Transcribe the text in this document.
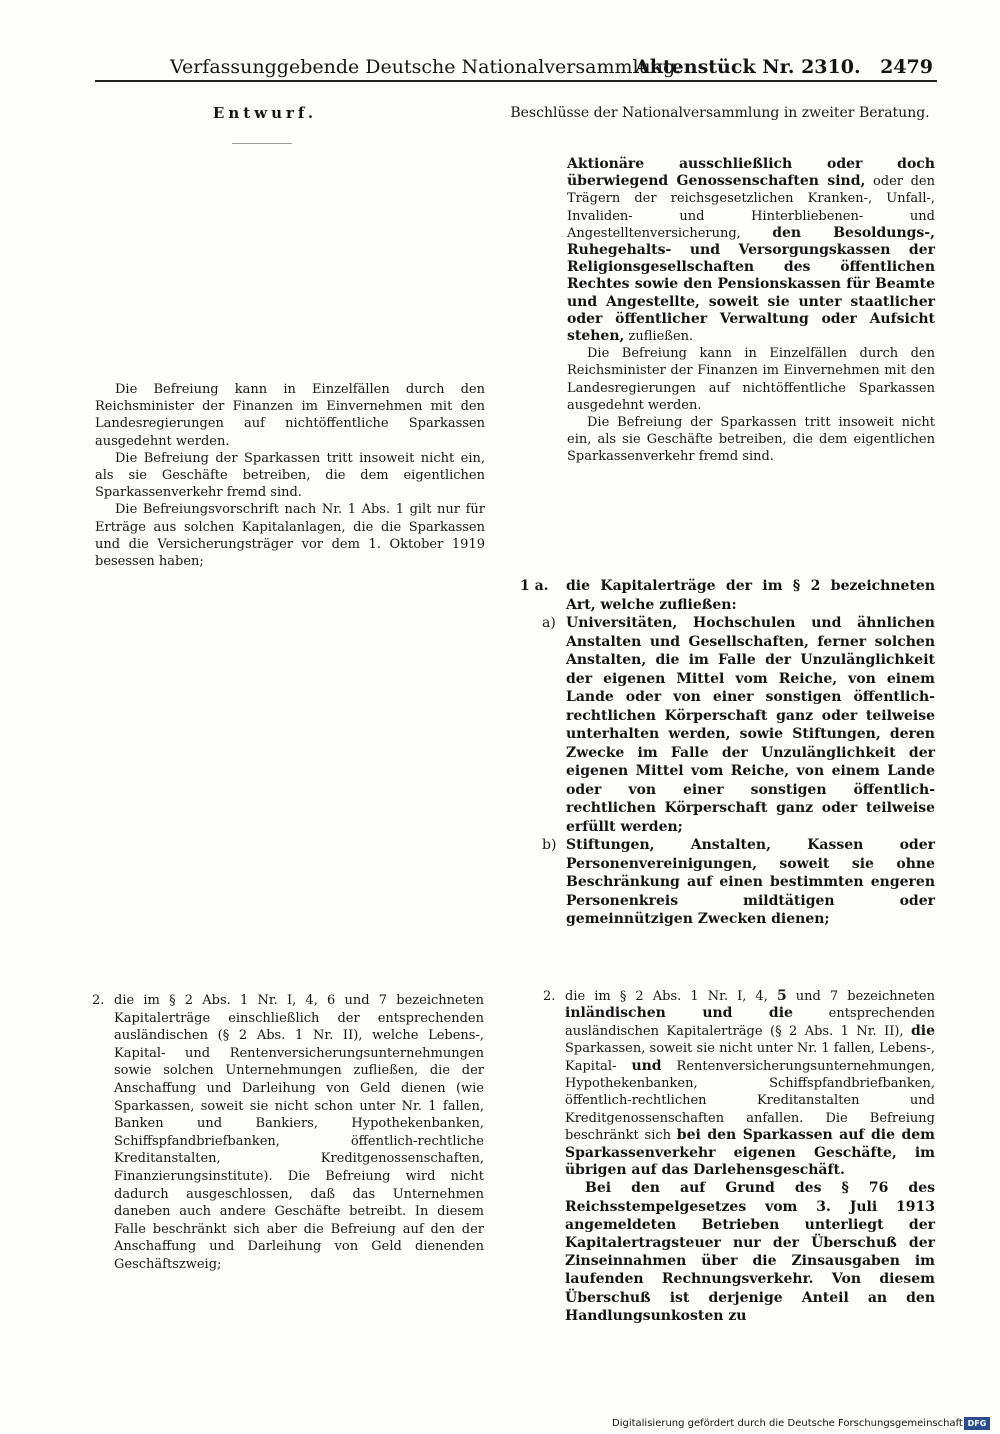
Verfassunggebende Deutsche Nationalversammlung.
Aktenstück Nr. 2310. 2479
Entwurf.	Beschlüsse der Nationalversammlung in zweiter Beratung.

Die Befreiung kann in Einzelfällen durch den Reichsminister der Finanzen im Einvernehmen mit den Landesregierungen auf nichtöffentliche Sparkassen ausgedehnt werden.

Die Befreiung der Sparkassen tritt insoweit nicht ein, als sie Geschäfte betreiben, die dem eigentlichen Sparkassenverkehr fremd sind.

Die Befreiungsvorschrift nach Nr. 1 Abs. 1 gilt nur für Erträge aus solchen Kapitalanlagen, die die Sparkassen und die Versicherungsträger vor dem 1. Oktober 1919 besessen haben;

2. die im § 2 Abs. 1 Nr. I, 4, 6 und 7 bezeichneten Kapitalerträge einschließlich der entsprechenden ausländischen (§ 2 Abs. 1 Nr. II), welche Lebens-, Kapital- und Rentenversicherungsunternehmungen sowie solchen Unternehmungen zufließen, die der Anschaffung und Darleihung von Geld dienen (wie Sparkassen, soweit sie nicht schon unter Nr. 1 fallen, Banken und Bankiers, Hypothekenbanken, Schiffspfandbriefbanken, öffentlich-rechtliche Kreditanstalten, Kreditgenossenschaften, Finanzierungsinstitute). Die Befreiung wird nicht dadurch ausgeschlossen, daß das Unternehmen daneben auch andere Geschäfte betreibt. In diesem Falle beschränkt sich aber die Befreiung auf den der Anschaffung und Darleihung von Geld dienenden Geschäftszweig;

Aktionäre ausschließlich oder doch überwiegend Genossenschaften sind, oder den Trägern der reichsgesetzlichen Kranken-, Unfall-, Invaliden- und Hinterbliebenen- und Angestelltenversicherung, den Besoldungs-, Ruhegehalts- und Versorgungskassen der Religionsgesellschaften des öffentlichen Rechtes sowie den Pensionskassen für Beamte und Angestellte, soweit sie unter staatlicher oder öffentlicher Verwaltung oder Aufsicht stehen, zufließen.

Die Befreiung kann in Einzelfällen durch den Reichsminister der Finanzen im Einvernehmen mit den Landesregierungen auf nichtöffentliche Sparkassen ausgedehnt werden.

Die Befreiung der Sparkassen tritt insoweit nicht ein, als sie Geschäfte betreiben, die dem eigentlichen Sparkassenverkehr fremd sind.

1 a. die Kapitalerträge der im § 2 bezeichneten Art, welche zufließen:
a) Universitäten, Hochschulen und ähnlichen Anstalten und Gesellschaften, ferner solchen Anstalten, die im Falle der Unzulänglichkeit der eigenen Mittel vom Reiche, von einem Lande oder von einer sonstigen öffentlich-rechtlichen Körperschaft ganz oder teilweise unterhalten werden, sowie Stiftungen, deren Zwecke im Falle der Unzulänglichkeit der eigenen Mittel vom Reiche, von einem Lande oder von einer sonstigen öffentlich-rechtlichen Körperschaft ganz oder teilweise erfüllt werden;
b) Stiftungen, Anstalten, Kassen oder Personenvereinigungen, soweit sie ohne Beschränkung auf einen bestimmten engeren Personenkreis mildtätigen oder gemeinnützigen Zwecken dienen;
2. die im § 2 Abs. 1 Nr. I, 4, 5 und 7 bezeichneten inländischen und die entsprechenden ausländischen Kapitalerträge (§ 2 Abs. 1 Nr. II), die Sparkassen, soweit sie nicht unter Nr. 1 fallen, Lebens-, Kapital- und Rentenversicherungsunternehmungen, Hypothekenbanken, Schiffspfandbriefbanken, öffentlich-rechtlichen Kreditanstalten und Kreditgenossenschaften anfallen. Die Befreiung beschränkt sich bei den Sparkassen auf die dem Sparkassenverkehr eigenen Geschäfte, im übrigen auf das Darlehensgeschäft.

Bei den auf Grund des § 76 des Reichsstempelgesetzes vom 3. Juli 1913 angemeldeten Betrieben unterliegt der Kapitalertragsteuer nur der Überschuß der Zinseinnahmen über die Zinsausgaben im laufenden Rechnungsverkehr. Von diesem Überschuß ist derjenige Anteil an den Handlungsunkosten zu

Digitalisierung gefördert durch die Deutsche Forschungsgemeinschaft DFG
